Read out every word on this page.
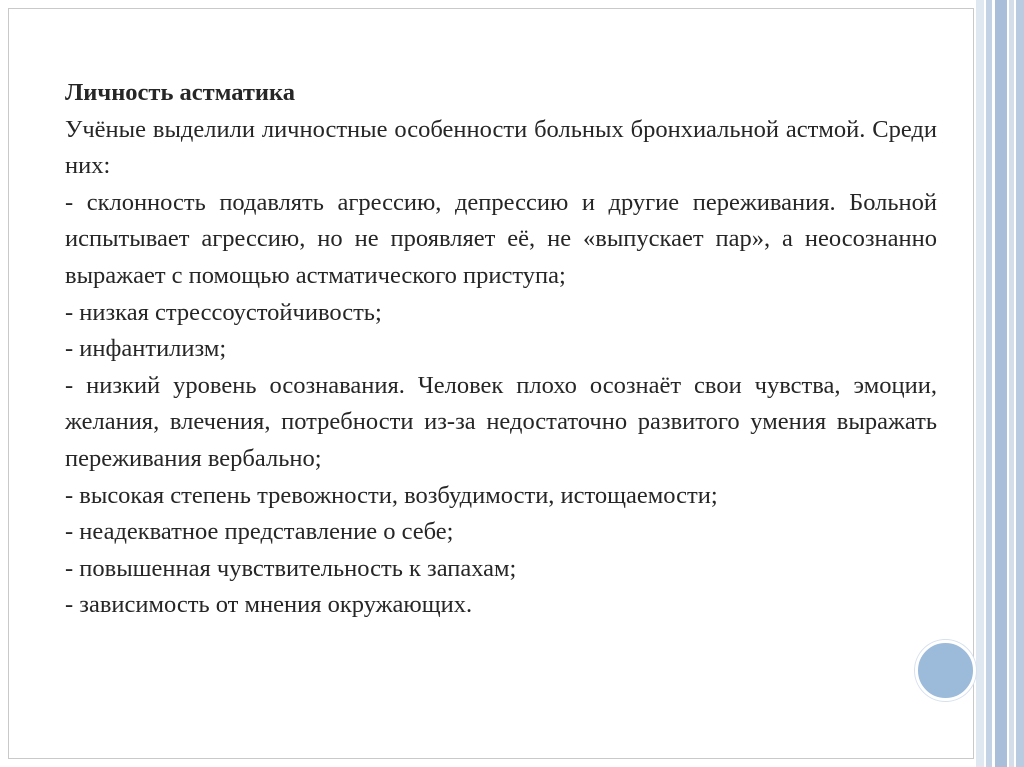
Личность астматика

Учёные выделили личностные особенности больных бронхиальной астмой. Среди них:

- склонность подавлять агрессию, депрессию и другие переживания. Больной испытывает агрессию, но не проявляет её, не «выпускает пар», а неосознанно выражает с помощью астматического приступа;

- низкая стрессоустойчивость;

- инфантилизм;

- низкий уровень осознавания. Человек плохо осознаёт свои чувства, эмоции, желания, влечения, потребности из-за недостаточно развитого умения выражать переживания вербально;

- высокая степень тревожности, возбудимости, истощаемости;

- неадекватное представление о себе;

- повышенная чувствительность к запахам;

- зависимость от мнения окружающих.
